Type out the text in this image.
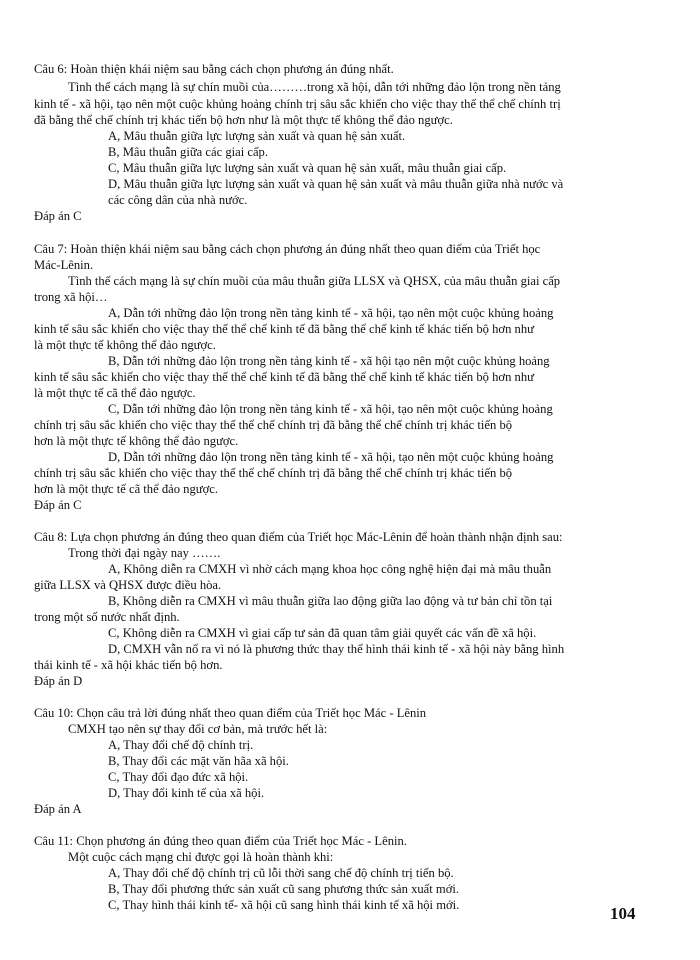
Câu 6: Hoàn thiện khái niệm sau bằng cách chọn phương án đúng nhất.
Tình thế cách mạng là sự chín muồi của………trong xã hội, dẫn tới những đảo lộn trong nền tảng
kinh tế - xã hội, tạo nên một cuộc khủng hoảng chính trị sâu sắc khiến cho việc thay thế thể chế chính trị
đã bằng thể chế chính trị khác tiến bộ hơn như là một thực tế không thể đảo ngược.
A, Mâu thuẫn giữa lực lượng sản xuất và quan hệ sản xuất.
B, Mâu thuẫn giữa các giai cấp.
C, Mâu thuẫn giữa lực lượng sản xuất và quan hệ sản xuất, mâu thuẫn giai cấp.
D, Mâu thuẫn giữa lực lượng sản xuất và quan hệ sản xuất và mâu thuẫn giữa nhà nước và
các công dân của nhà nước.
Đáp án C
Câu 7: Hoàn thiện khái niệm sau bằng cách chọn phương án đúng nhất theo quan điểm của Triết học
Mác-Lênin.
Tình thế cách mạng là sự chín muồi của mâu thuẫn giữa LLSX và QHSX, của mâu thuẫn giai cấp
trong xã hội…
A, Dẫn tới những đảo lộn trong nền tảng kinh tế - xã hội, tạo nên một cuộc khủng hoảng
kinh tế sâu sắc khiến cho việc thay thế thể chế kinh tế đã bằng thể chế kinh tế khác tiến bộ hơn như
là một thực tế không thể đảo ngược.
B, Dẫn tới những đảo lộn trong nền tảng kinh tế - xã hội tạo nên một cuộc khủng hoảng
kinh tế sâu sắc khiến cho việc thay thế thể chế kinh tế đã bằng thể chế kinh tế khác tiến bộ hơn như
là một thực tế cã thể đảo ngược.
C, Dẫn tới những đảo lộn trong nền tảng kinh tế - xã hội, tạo nên một cuộc khủng hoảng
chính trị sâu sắc khiến cho việc thay thế thể chế chính trị đã bằng thể chế chính trị khác tiến bộ
hơn là một thực tế không thể đảo ngược.
D, Dẫn tới những đảo lộn trong nền tảng kinh tế - xã hội, tạo nên một cuộc khủng hoảng
chính trị sâu sắc khiến cho việc thay thế thể chế chính trị đã bằng thể chế chính trị khác tiến bộ
hơn là một thực tế cã thể đảo ngược.
Đáp án C
Câu 8: Lựa chọn phương án đúng theo quan điểm của Triết học Mác-Lênin để hoàn thành nhận định sau:
Trong thời đại ngày nay …….
A, Không diễn ra CMXH vì nhờ cách mạng khoa học công nghệ hiện đại mà mâu thuẫn
giữa LLSX và QHSX được điều hòa.
B, Không diễn ra CMXH vì mâu thuẫn giữa lao động giữa lao động và tư bản chỉ tồn tại
trong một số nước nhất định.
C, Không diễn ra CMXH vì giai cấp tư sản đã quan tâm giải quyết các vấn đề xã hội.
D, CMXH vẫn nổ ra vì nó là phương thức thay thế hình thái kinh tế - xã hội này bằng hình
thái kinh tế - xã hội khác tiến bộ hơn.
Đáp án D
Câu 10: Chọn câu trả lời đúng nhất theo quan điểm của Triết học Mác - Lênin
CMXH tạo nên sự thay đổi cơ bản, mà trước hết là:
A, Thay đổi chế độ chính trị.
B, Thay đổi các mặt văn hãa xã hội.
C, Thay đổi đạo đức xã hội.
D, Thay đổi kinh tế của xã hội.
Đáp án A
Câu 11: Chọn phương án đúng theo quan điểm của Triết học Mác - Lênin.
Một cuộc cách mạng chỉ được gọi là hoàn thành khi:
A, Thay đổi chế độ chính trị cũ lỗi thời sang chế độ chính trị tiến bộ.
B, Thay đổi phương thức sản xuất cũ sang phương thức sản xuất mới.
C, Thay hình thái kinh tế- xã hội cũ sang hình thái kinh tế xã hội mới.	104
